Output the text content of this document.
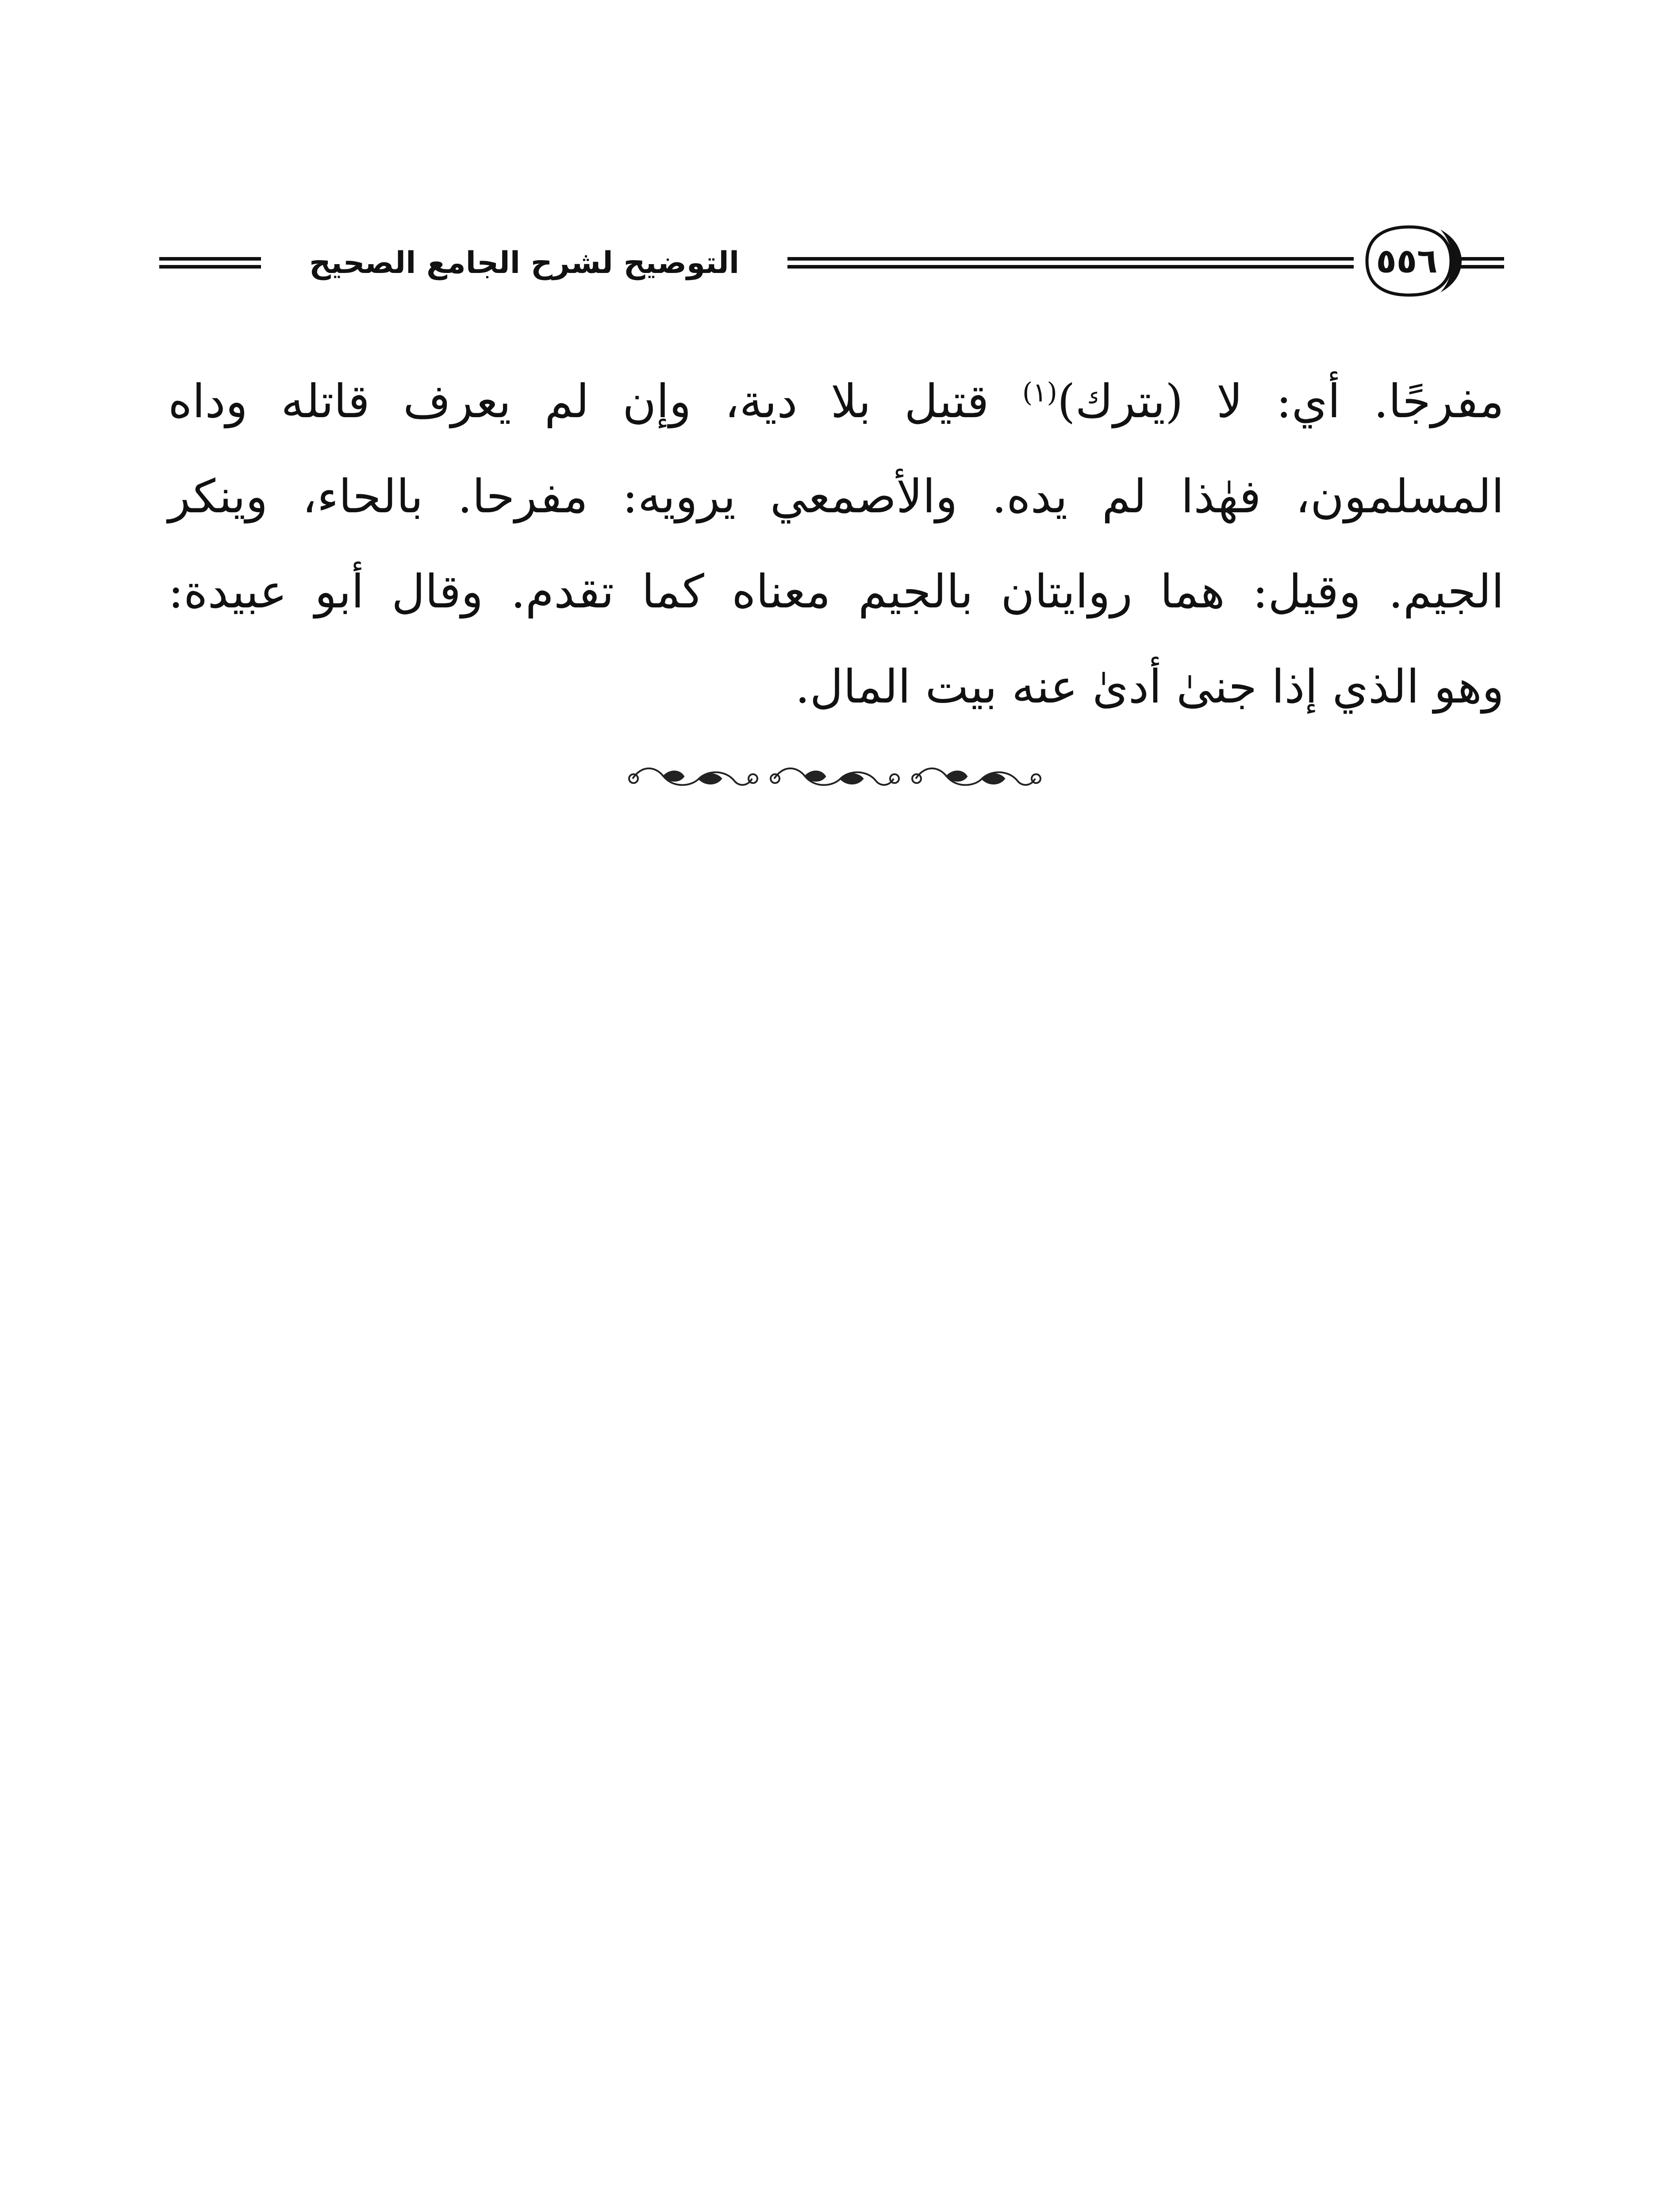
التوضيح لشرح الجامع الصحيح	٥٥٦
مفرجًا. أي: لا (يترك)$^{(١)}$ قتيل بلا دية، وإن لم يعرف قاتله وداه
المسلمون، فهٰذا لم يده. والأصمعي يرويه: مفرحا. بالحاء، وينكر
الجيم. وقيل: هما روايتان بالجيم معناه كما تقدم. وقال أبو عبيدة:
وهو الذي إذا جنىٰ أدىٰ عنه بيت المال.
